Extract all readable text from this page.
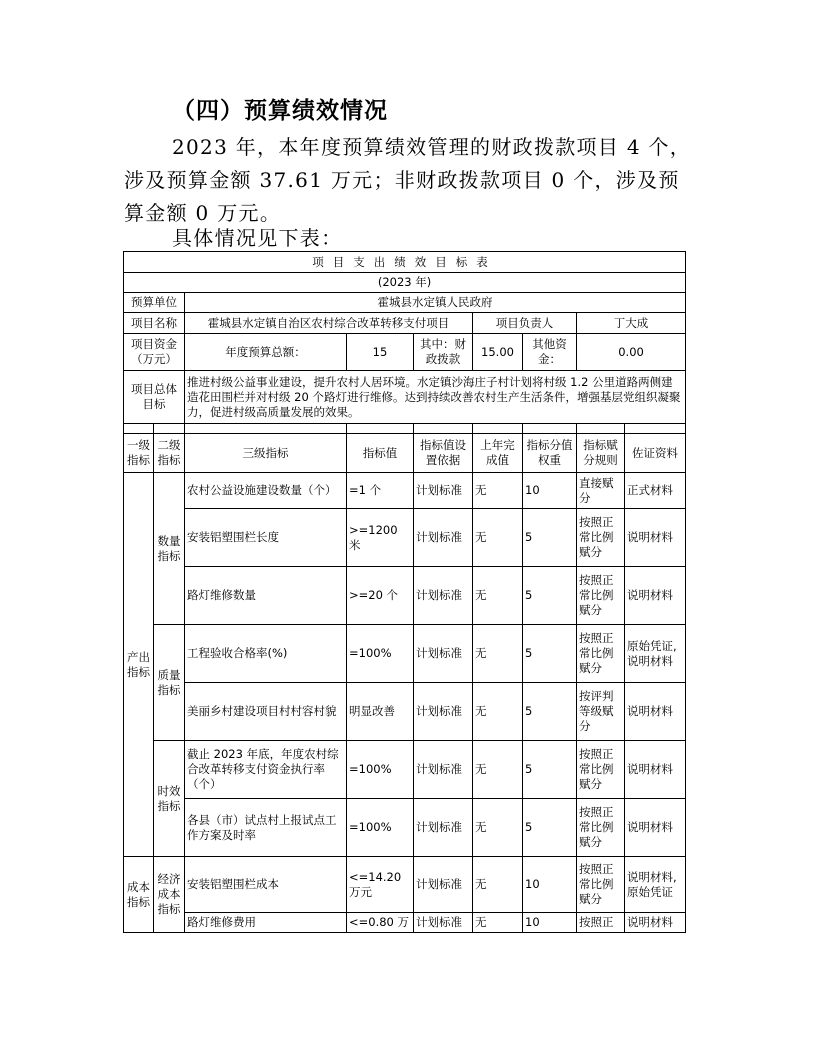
（四）预算绩效情况
2023 年，本年度预算绩效管理的财政拨款项目 4 个，涉及预算金额 37.61 万元；非财政拨款项目 0 个，涉及预算金额 0 万元。
具体情况见下表：
项目支出绩效目标表								
(2023 年)								
预算单位		霍城县水定镇人民政府						
项目名称		霍城县水定镇自治区农村综合改革转移支付项目			项目负责人		丁大成	
项目资金（万元）		年度预算总额：	15	其中：财政拨款	15.00	其他资金：	0.00	
项目总体目标		推进村级公益事业建设，提升农村人居环境。水定镇沙海庄子村计划将村级 1.2 公里道路两侧建造花田围栏并对村级 20 个路灯进行维修。达到持续改善农村生产生活条件，增强基层党组织凝聚力，促进村级高质量发展的效果。						

一级指标	二级指标	三级指标	指标值	指标值设置依据	上年完成值	指标分值权重	指标赋分规则	佐证资料
产出指标	数量指标	农村公益设施建设数量（个）	=1 个	计划标准	无	10	直接赋分	正式材料
		安装铝塑围栏长度	>=1200 米	计划标准	无	5	按照正常比例赋分	说明材料
		路灯维修数量	>=20 个	计划标准	无	5	按照正常比例赋分	说明材料
	质量指标	工程验收合格率(%)	=100%	计划标准	无	5	按照正常比例赋分	原始凭证,说明材料
		美丽乡村建设项目村村容村貌	明显改善	计划标准	无	5	按评判等级赋分	说明材料
	时效指标	截止 2023 年底，年度农村综合改革转移支付资金执行率（个）	=100%	计划标准	无	5	按照正常比例赋分	说明材料
		各县（市）试点村上报试点工作方案及时率	=100%	计划标准	无	5	按照正常比例赋分	说明材料
成本指标	经济成本指标	安装铝塑围栏成本	<=14.20 万元	计划标准	无	10	按照正常比例赋分	说明材料,原始凭证
		路灯维修费用	<=0.80 万	计划标准	无	10	按照正	说明材料
